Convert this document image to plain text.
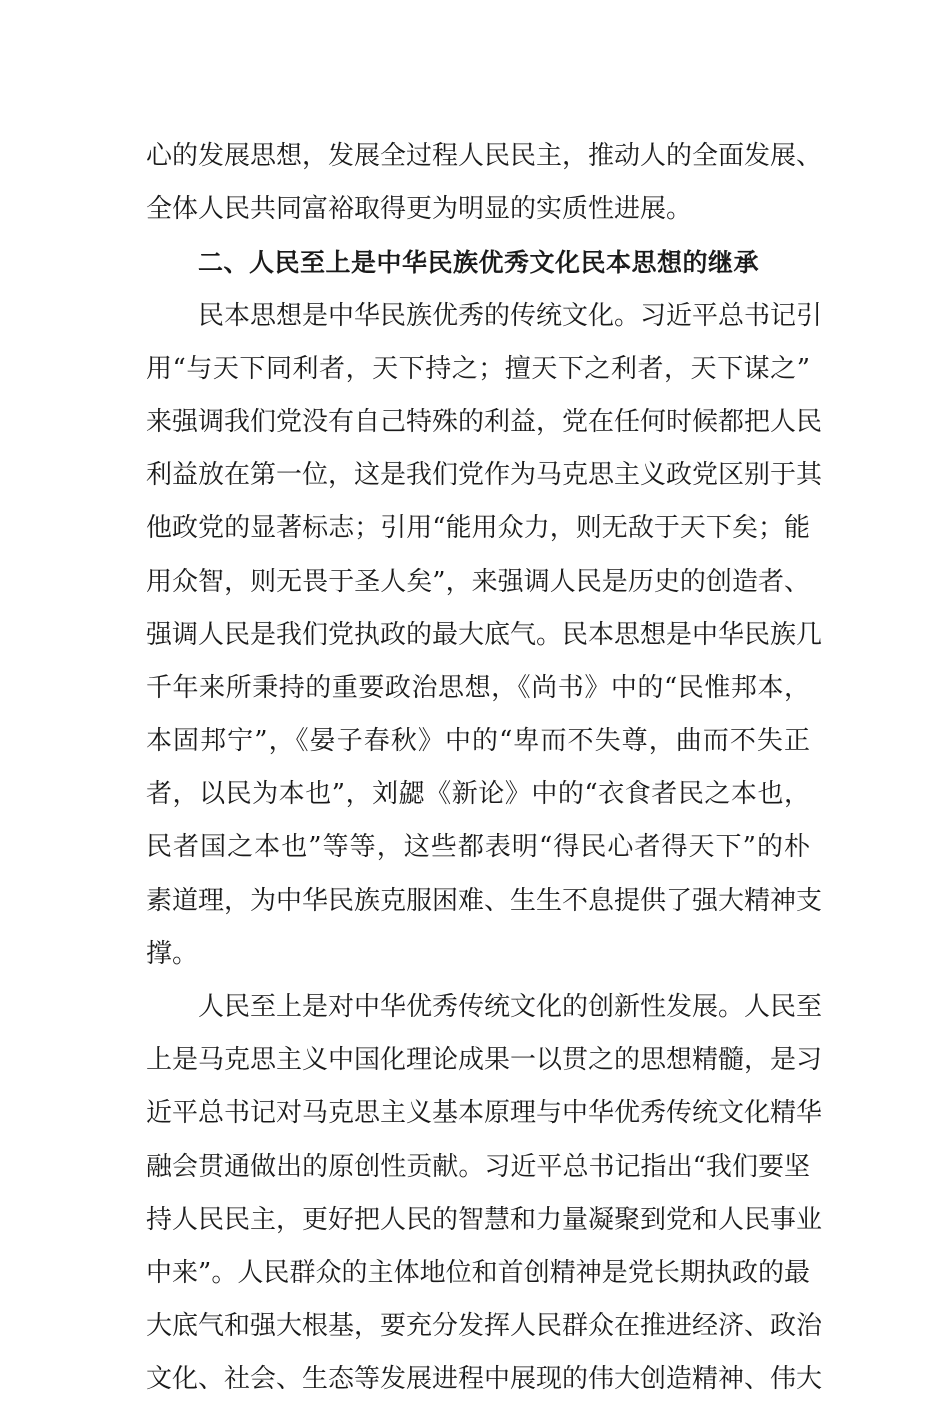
心的发展思想，发展全过程人民民主，推动人的全面发展、
全体人民共同富裕取得更为明显的实质性进展。
二、人民至上是中华民族优秀文化民本思想的继承
民本思想是中华民族优秀的传统文化。习近平总书记引
用“与天下同利者，天下持之；擅天下之利者，天下谋之”
来强调我们党没有自己特殊的利益，党在任何时候都把人民
利益放在第一位，这是我们党作为马克思主义政党区别于其
他政党的显著标志；引用“能用众力，则无敌于天下矣；能
用众智，则无畏于圣人矣”，来强调人民是历史的创造者、
强调人民是我们党执政的最大底气。民本思想是中华民族几
千年来所秉持的重要政治思想，《尚书》中的“民惟邦本，
本固邦宁”，《晏子春秋》中的“卑而不失尊，曲而不失正
者，以民为本也”，刘勰《新论》中的“衣食者民之本也，
民者国之本也”等等，这些都表明“得民心者得天下”的朴
素道理，为中华民族克服困难、生生不息提供了强大精神支
撑。
人民至上是对中华优秀传统文化的创新性发展。人民至
上是马克思主义中国化理论成果一以贯之的思想精髓，是习
近平总书记对马克思主义基本原理与中华优秀传统文化精华
融会贯通做出的原创性贡献。习近平总书记指出“我们要坚
持人民民主，更好把人民的智慧和力量凝聚到党和人民事业
中来”。人民群众的主体地位和首创精神是党长期执政的最
大底气和强大根基，要充分发挥人民群众在推进经济、政治
文化、社会、生态等发展进程中展现的伟大创造精神、伟大
